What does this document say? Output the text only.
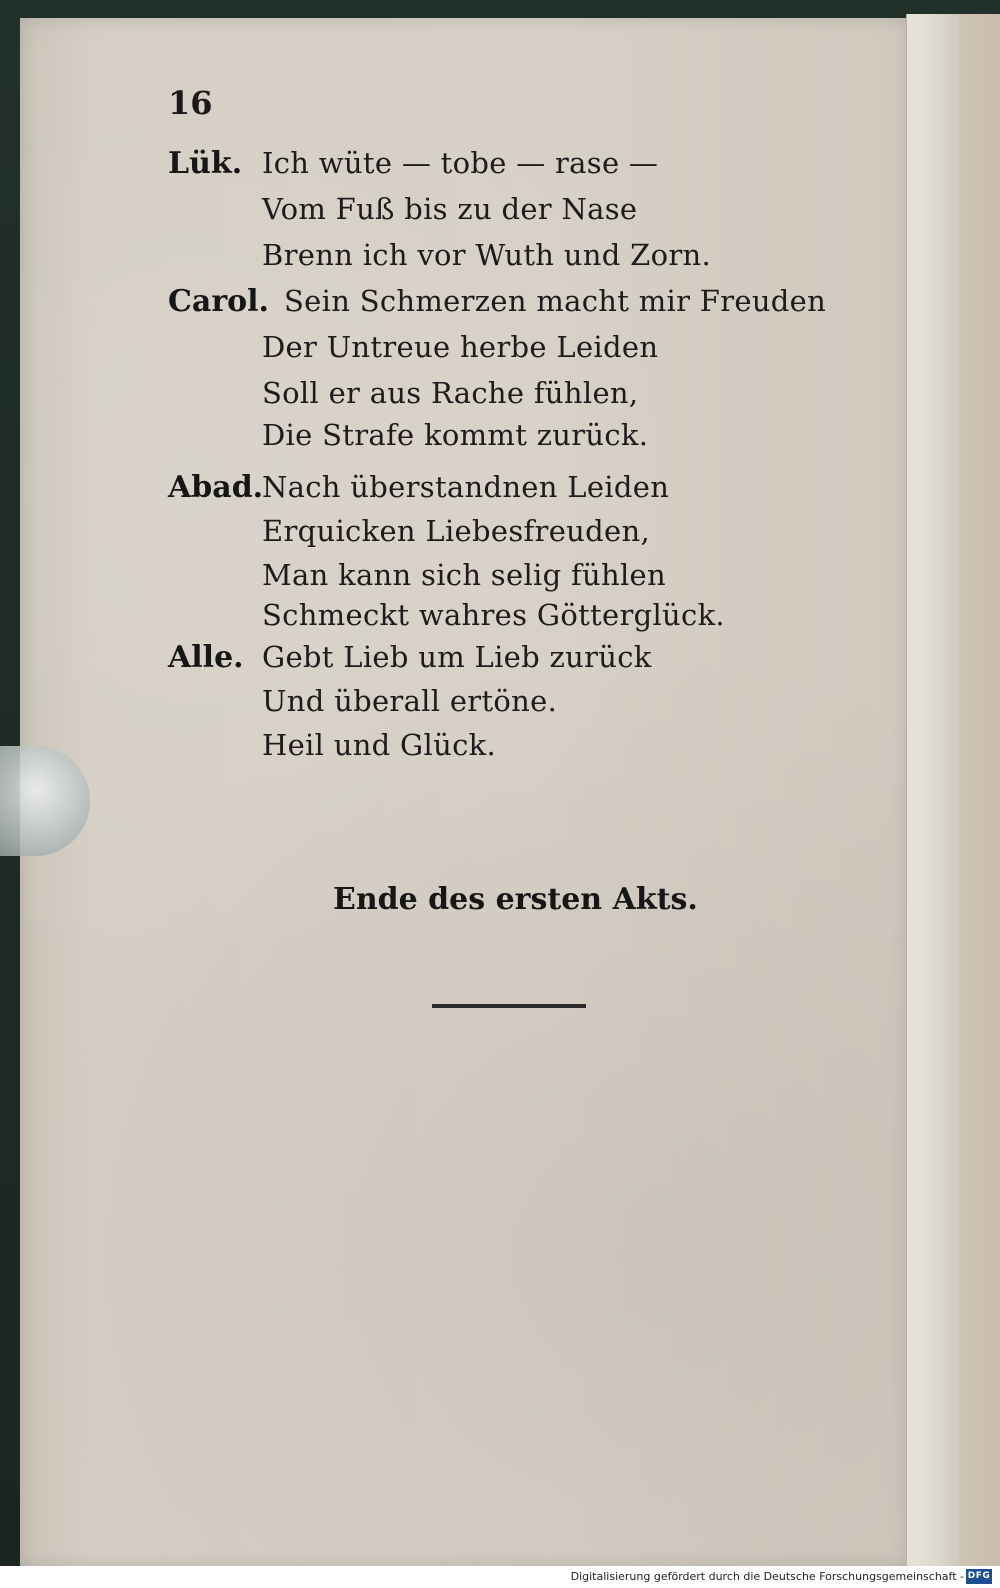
16
Lük. Ich wüte — tobe — rase —
Vom Fuß bis zu der Nase
Brenn ich vor Wuth und Zorn.
Carol. Sein Schmerzen macht mir Freuden
Der Untreue herbe Leiden
Soll er aus Rache fühlen,
Die Strafe kommt zurück.
Abad.
Nach überstandnen Leiden
Erquicken Liebesfreuden,
Man kann sich selig fühlen
Schmeckt wahres Götterglück.
Alle. Gebt Lieb um Lieb zurück
Und überall ertöne.
Heil und Glück.
Ende des ersten Akts.
Digitalisierung gefördert durch die Deutsche Forschungsgemeinschaft - DFG
